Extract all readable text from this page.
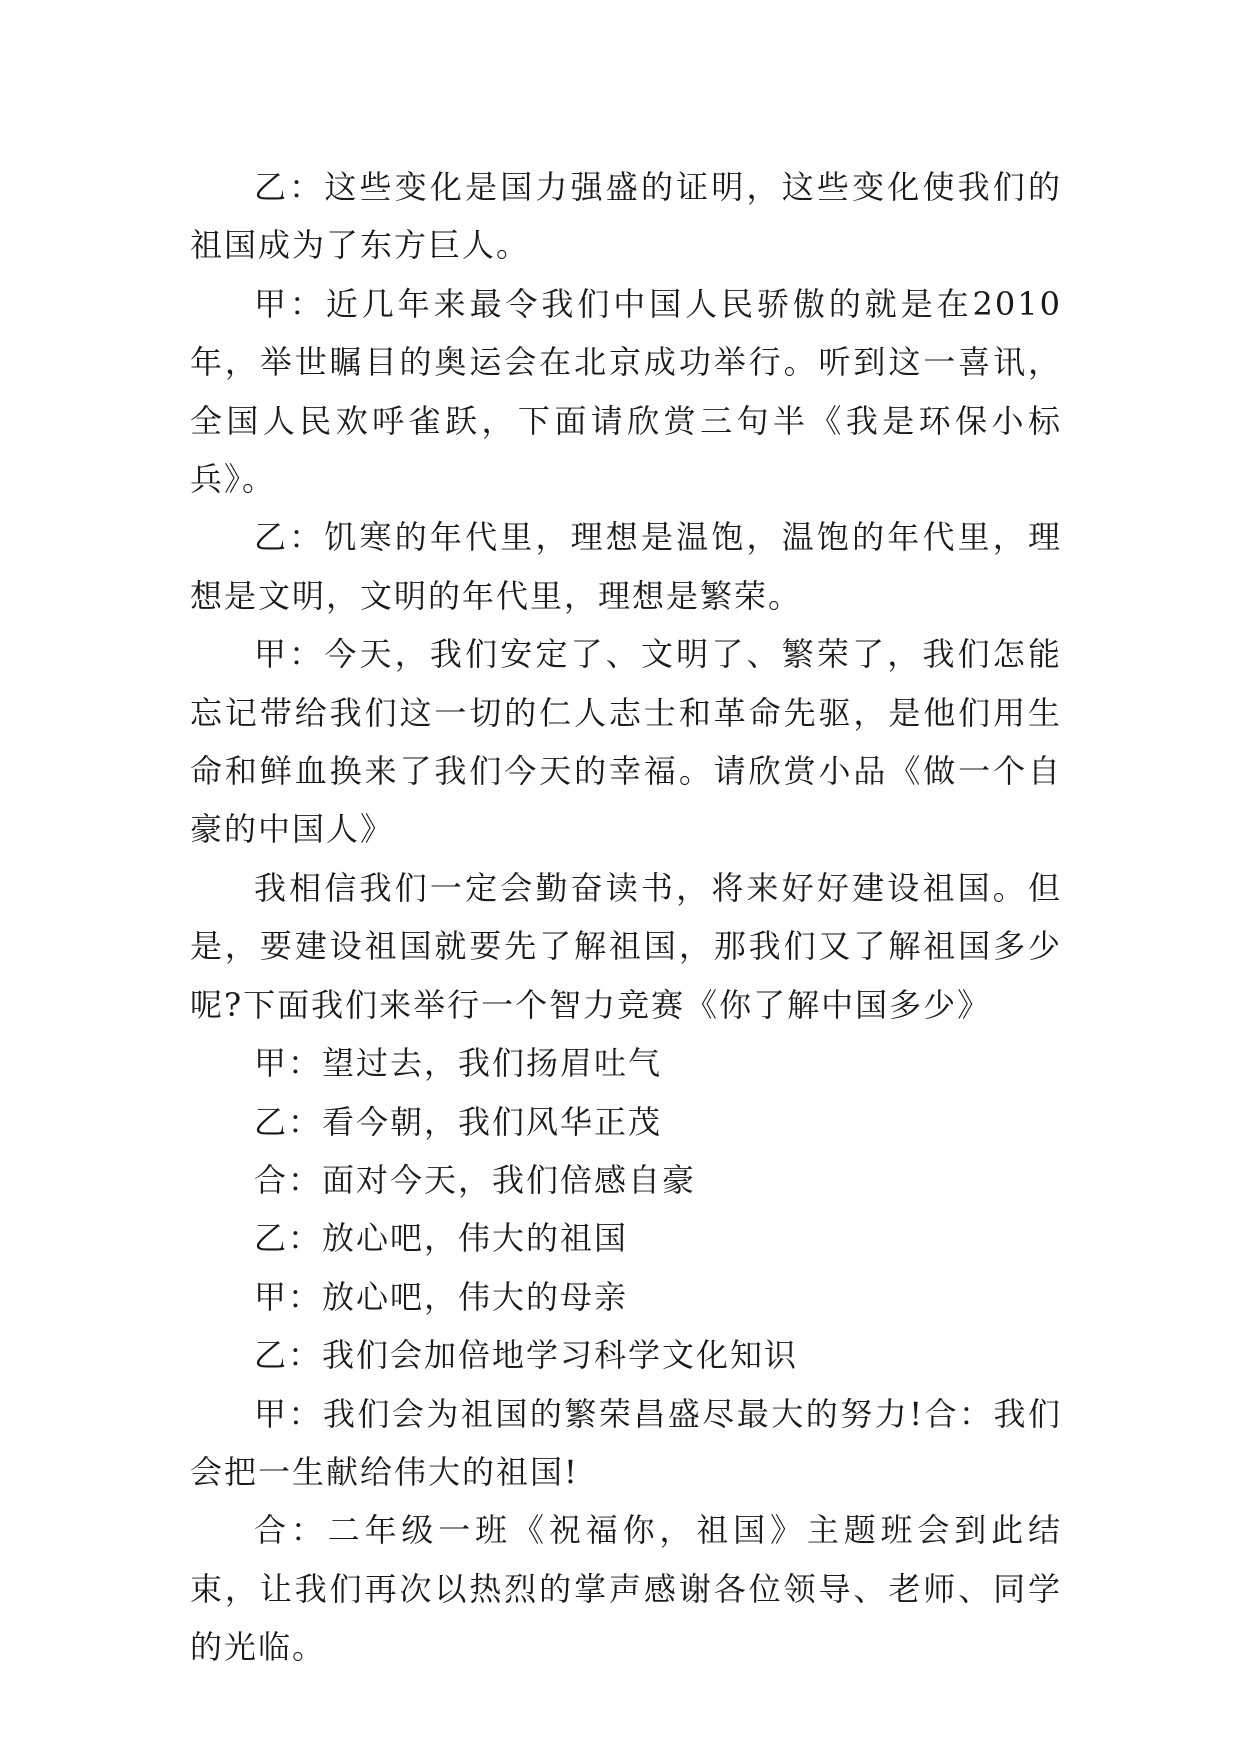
乙：这些变化是国力强盛的证明，这些变化使我们的祖国成为了东方巨人。

甲：近几年来最令我们中国人民骄傲的就是在2010年，举世瞩目的奥运会在北京成功举行。听到这一喜讯，全国人民欢呼雀跃，下面请欣赏三句半《我是环保小标兵》。

乙：饥寒的年代里，理想是温饱，温饱的年代里，理想是文明，文明的年代里，理想是繁荣。

甲：今天，我们安定了、文明了、繁荣了，我们怎能忘记带给我们这一切的仁人志士和革命先驱，是他们用生命和鲜血换来了我们今天的幸福。请欣赏小品《做一个自豪的中国人》

我相信我们一定会勤奋读书，将来好好建设祖国。但是，要建设祖国就要先了解祖国，那我们又了解祖国多少呢?下面我们来举行一个智力竞赛《你了解中国多少》

甲：望过去，我们扬眉吐气

乙：看今朝，我们风华正茂

合：面对今天，我们倍感自豪

乙：放心吧，伟大的祖国

甲：放心吧，伟大的母亲

乙：我们会加倍地学习科学文化知识

甲：我们会为祖国的繁荣昌盛尽最大的努力!合：我们会把一生献给伟大的祖国!

合：二年级一班《祝福你，祖国》主题班会到此结束，让我们再次以热烈的掌声感谢各位领导、老师、同学的光临。
